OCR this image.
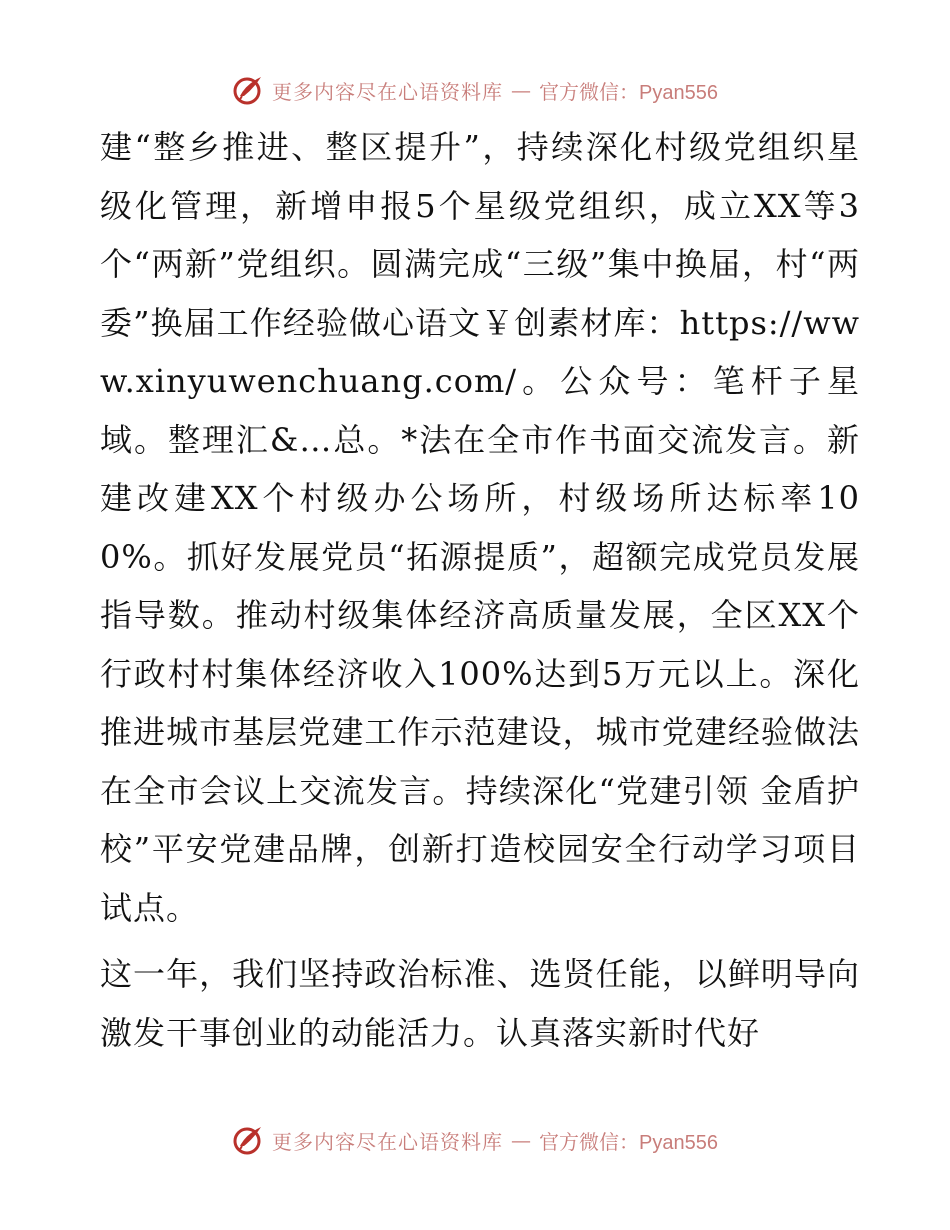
更多内容尽在心语资料库 — 官方微信：Pyan556

建“整乡推进、整区提升”，持续深化村级党组织星级化管理，新增申报5个星级党组织，成立XX等3个“两新”党组织。圆满完成“三级”集中换届，村“两委”换届工作经验做心语文￥创素材库：https://www.xinyuwenchuang.com/。公众号：笔杆子星域。整理汇&…总。*法在全市作书面交流发言。新建改建XX个村级办公场所，村级场所达标率100%。抓好发展党员“拓源提质”，超额完成党员发展指导数。推动村级集体经济高质量发展，全区XX个行政村村集体经济收入100%达到5万元以上。深化推进城市基层党建工作示范建设，城市党建经验做法在全市会议上交流发言。持续深化“党建引领 金盾护校”平安党建品牌，创新打造校园安全行动学习项目试点。

这一年，我们坚持政治标准、选贤任能，以鲜明导向激发干事创业的动能活力。认真落实新时代好

更多内容尽在心语资料库 — 官方微信：Pyan556
